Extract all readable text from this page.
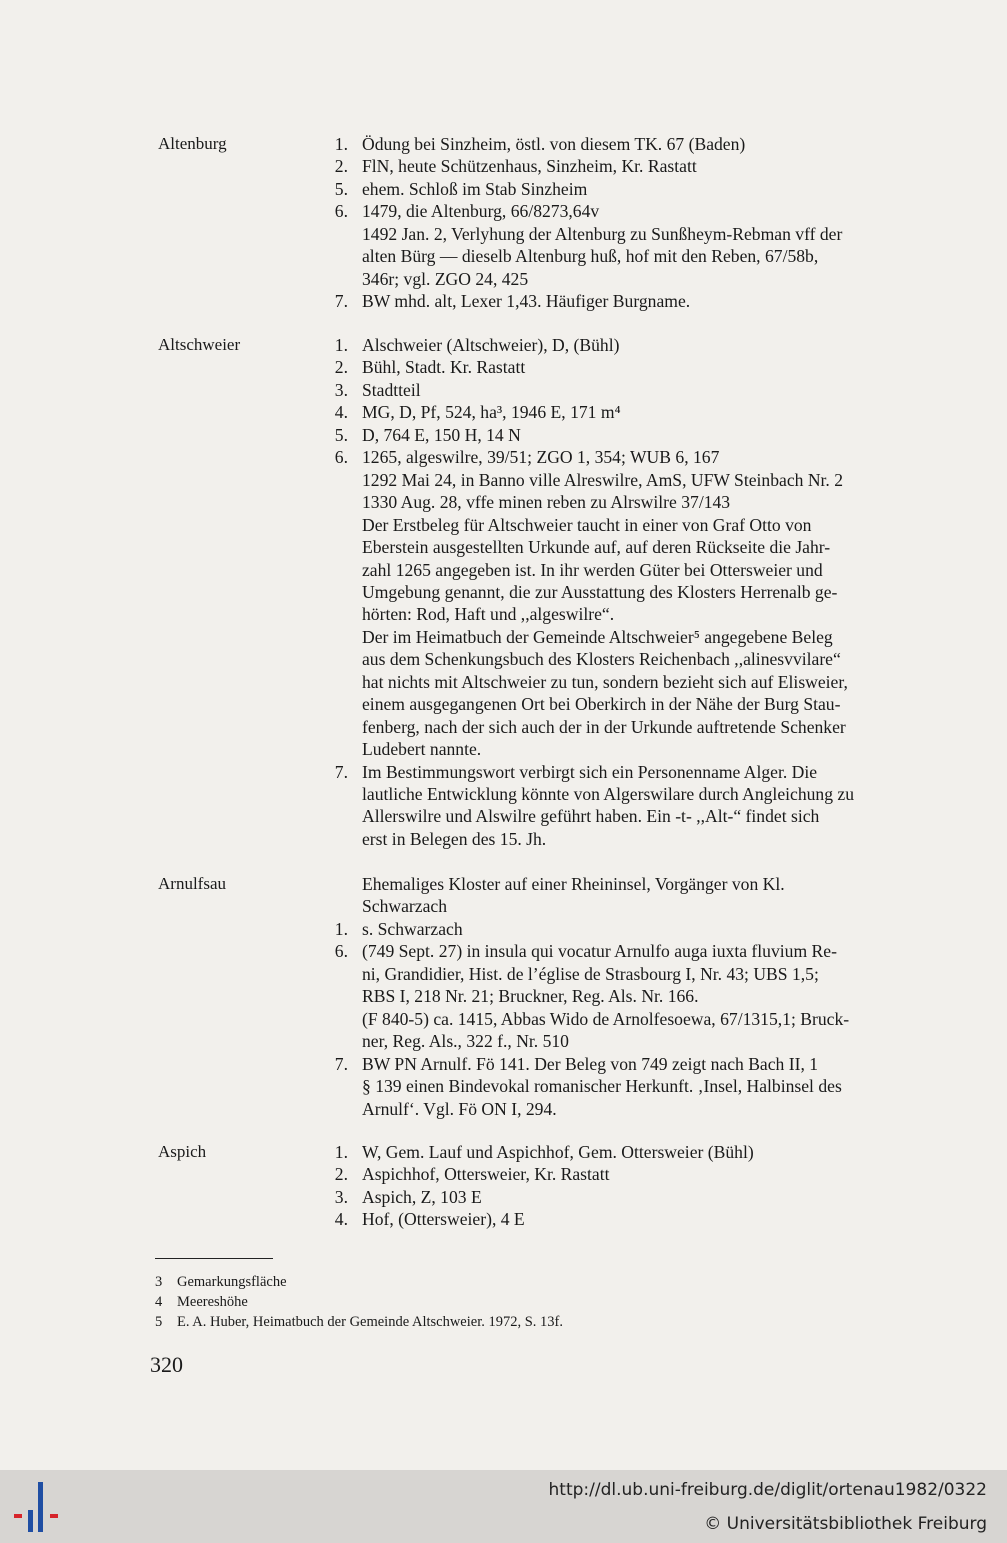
Altenburg	1. Ödung bei Sinzheim, östl. von diesem TK. 67 (Baden)
2. FlN, heute Schützenhaus, Sinzheim, Kr. Rastatt
5. ehem. Schloß im Stab Sinzheim
6. 1479, die Altenburg, 66/8273,64v
1492 Jan. 2, Verlyhung der Altenburg zu Sunßheym-Rebman vff der
alten Bürg — dieselb Altenburg huß, hof mit den Reben, 67/58b,
346r; vgl. ZGO 24, 425
7. BW mhd. alt, Lexer 1,43. Häufiger Burgname.
Altschweier	1. Alschweier (Altschweier), D, (Bühl)
2. Bühl, Stadt. Kr. Rastatt
3. Stadtteil
4. MG, D, Pf, 524, ha³, 1946 E, 171 m⁴
5. D, 764 E, 150 H, 14 N
6. 1265, algeswilre, 39/51; ZGO 1, 354; WUB 6, 167
1292 Mai 24, in Banno ville Alreswilre, AmS, UFW Steinbach Nr. 2
1330 Aug. 28, vffe minen reben zu Alrswilre 37/143
Der Erstbeleg für Altschweier taucht in einer von Graf Otto von
Eberstein ausgestellten Urkunde auf, auf deren Rückseite die Jahr-
zahl 1265 angegeben ist. In ihr werden Güter bei Ottersweier und
Umgebung genannt, die zur Ausstattung des Klosters Herrenalb ge-
hörten: Rod, Haft und ,,algeswilre“.
Der im Heimatbuch der Gemeinde Altschweier⁵ angegebene Beleg
aus dem Schenkungsbuch des Klosters Reichenbach ,,alinesvvilare“
hat nichts mit Altschweier zu tun, sondern bezieht sich auf Elisweier,
einem ausgegangenen Ort bei Oberkirch in der Nähe der Burg Stau-
fenberg, nach der sich auch der in der Urkunde auftretende Schenker
Ludebert nannte.
7. Im Bestimmungswort verbirgt sich ein Personenname Alger. Die
lautliche Entwicklung könnte von Algerswilare durch Angleichung zu
Allerswilre und Alswilre geführt haben. Ein -t- ,,Alt-“ findet sich
erst in Belegen des 15. Jh.
Arnulfsau	Ehemaliges Kloster auf einer Rheininsel, Vorgänger von Kl.
Schwarzach
1. s. Schwarzach
6. (749 Sept. 27) in insula qui vocatur Arnulfo auga iuxta fluvium Re-
ni, Grandidier, Hist. de l’église de Strasbourg I, Nr. 43; UBS 1,5;
RBS I, 218 Nr. 21; Bruckner, Reg. Als. Nr. 166.
(F 840-5) ca. 1415, Abbas Wido de Arnolfesoewa, 67/1315,1; Bruck-
ner, Reg. Als., 322 f., Nr. 510
7. BW PN Arnulf. Fö 141. Der Beleg von 749 zeigt nach Bach II, 1
§ 139 einen Bindevokal romanischer Herkunft. ‚Insel, Halbinsel des
Arnulf‘. Vgl. Fö ON I, 294.
Aspich	1. W, Gem. Lauf und Aspichhof, Gem. Ottersweier (Bühl)
2. Aspichhof, Ottersweier, Kr. Rastatt
3. Aspich, Z, 103 E
4. Hof, (Ottersweier), 4 E
3 Gemarkungsfläche
4 Meereshöhe
5 E. A. Huber, Heimatbuch der Gemeinde Altschweier. 1972, S. 13f.
320
http://dl.ub.uni-freiburg.de/diglit/ortenau1982/0322
© Universitätsbibliothek Freiburg
